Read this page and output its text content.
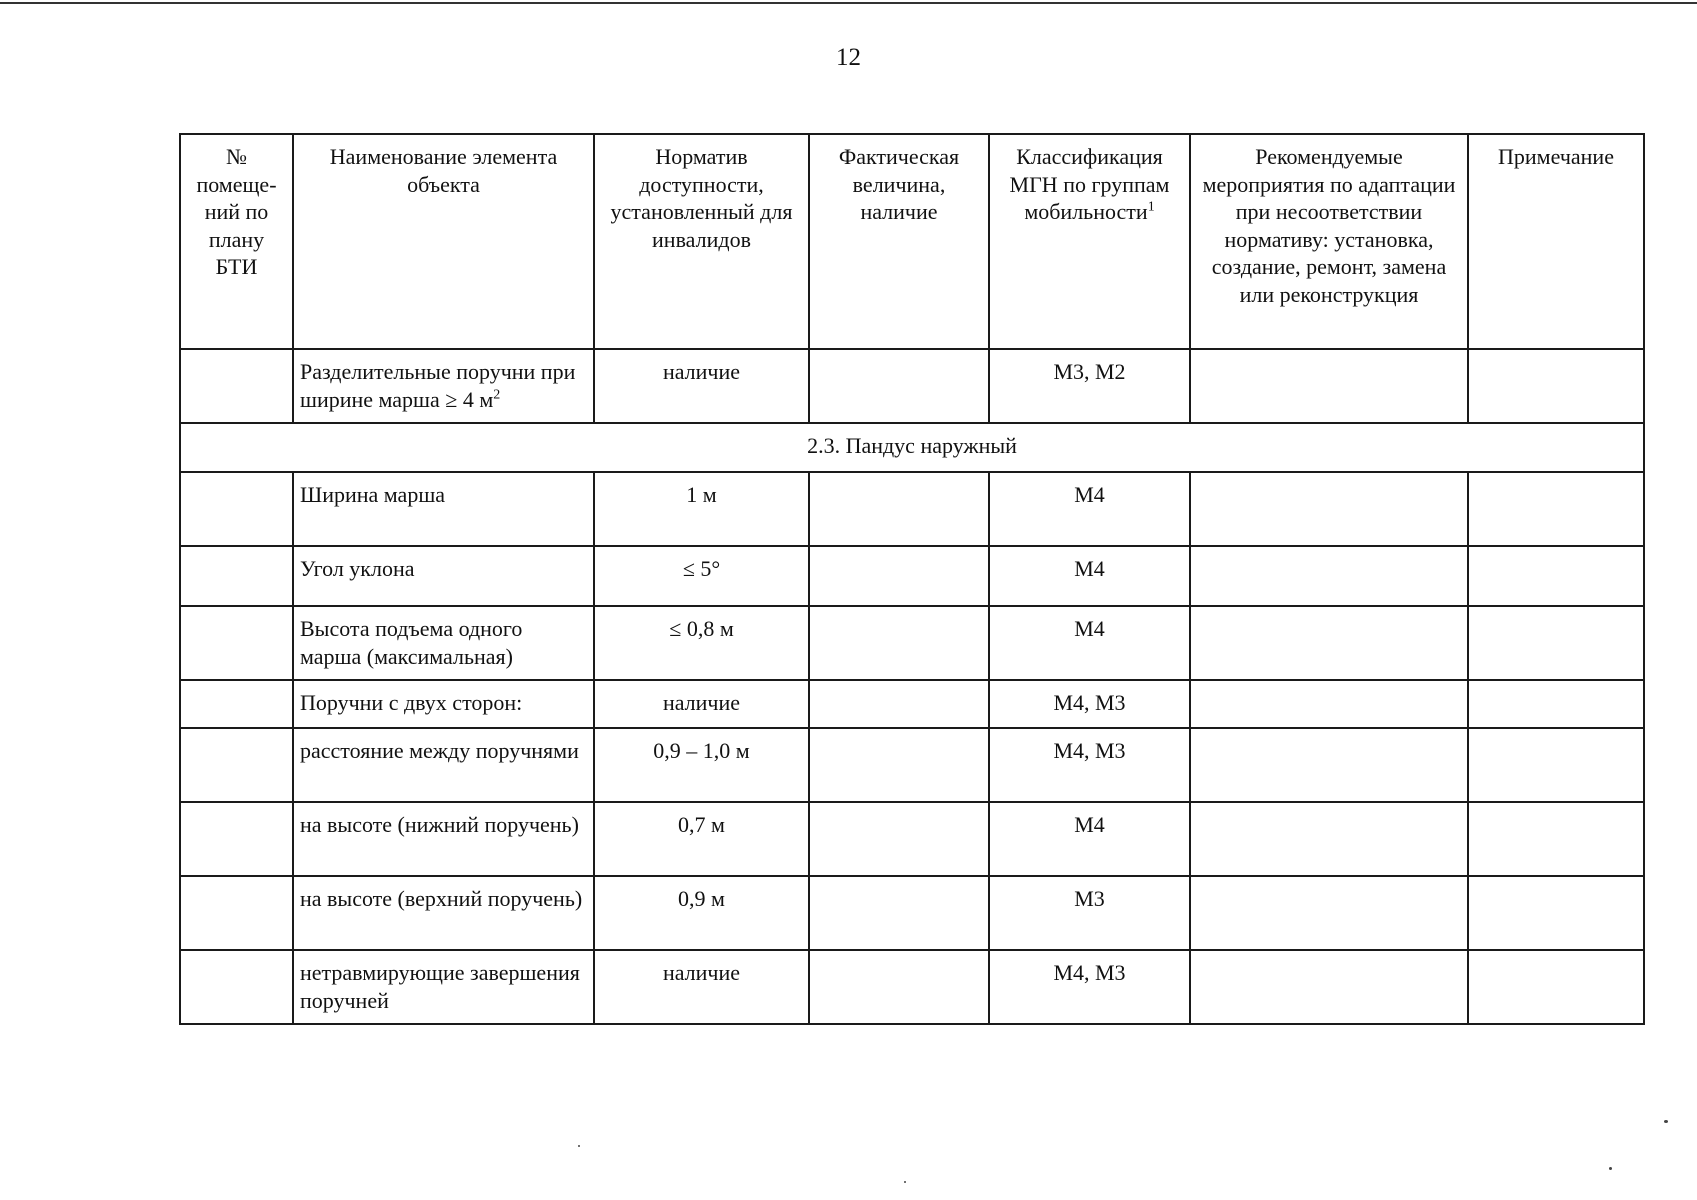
12
№ помеще-ний по плану БТИ	Наименование элемента объекта	Норматив доступности, установленный для инвалидов	Фактическая величина, наличие	Классификация МГН по группам мобильности$^1$	Рекомендуемые мероприятия по адаптации при несоответствии нормативу: установка, создание, ремонт, замена или реконструкция	Примечание
	Разделительные поручни при ширине марша ≥ 4 $м^2$	наличие		М3, М2		
2.3. Пандус наружный						
	Ширина марша	1 м		М4		
	Угол уклона	≤ 5°		М4		
	Высота подъема одного марша (максимальная)	≤ 0,8 м		М4		
	Поручни с двух сторон:	наличие		М4, М3		
	расстояние между поручнями	0,9 – 1,0 м		М4, М3		
	на высоте (нижний поручень)	0,7 м		М4		
	на высоте (верхний поручень)	0,9 м		М3		
	нетравмирующие завершения поручней	наличие		М4, М3		
